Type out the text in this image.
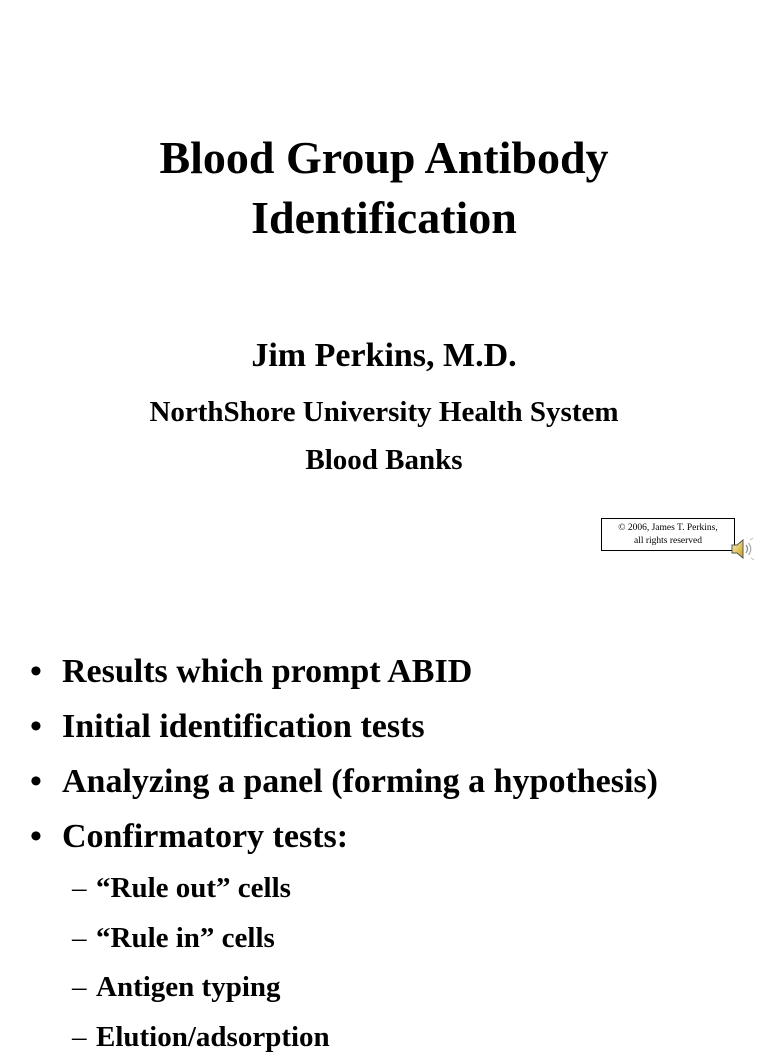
Blood Group Antibody
Identification
Jim Perkins, M.D.
NorthShore University Health System
Blood Banks
© 2006, James T. Perkins,
all rights reserved
• Results which prompt ABID
• Initial identification tests
• Analyzing a panel (forming a hypothesis)
• Confirmatory tests:
– “Rule out” cells
– “Rule in” cells
– Antigen typing
– Elution/adsorption
